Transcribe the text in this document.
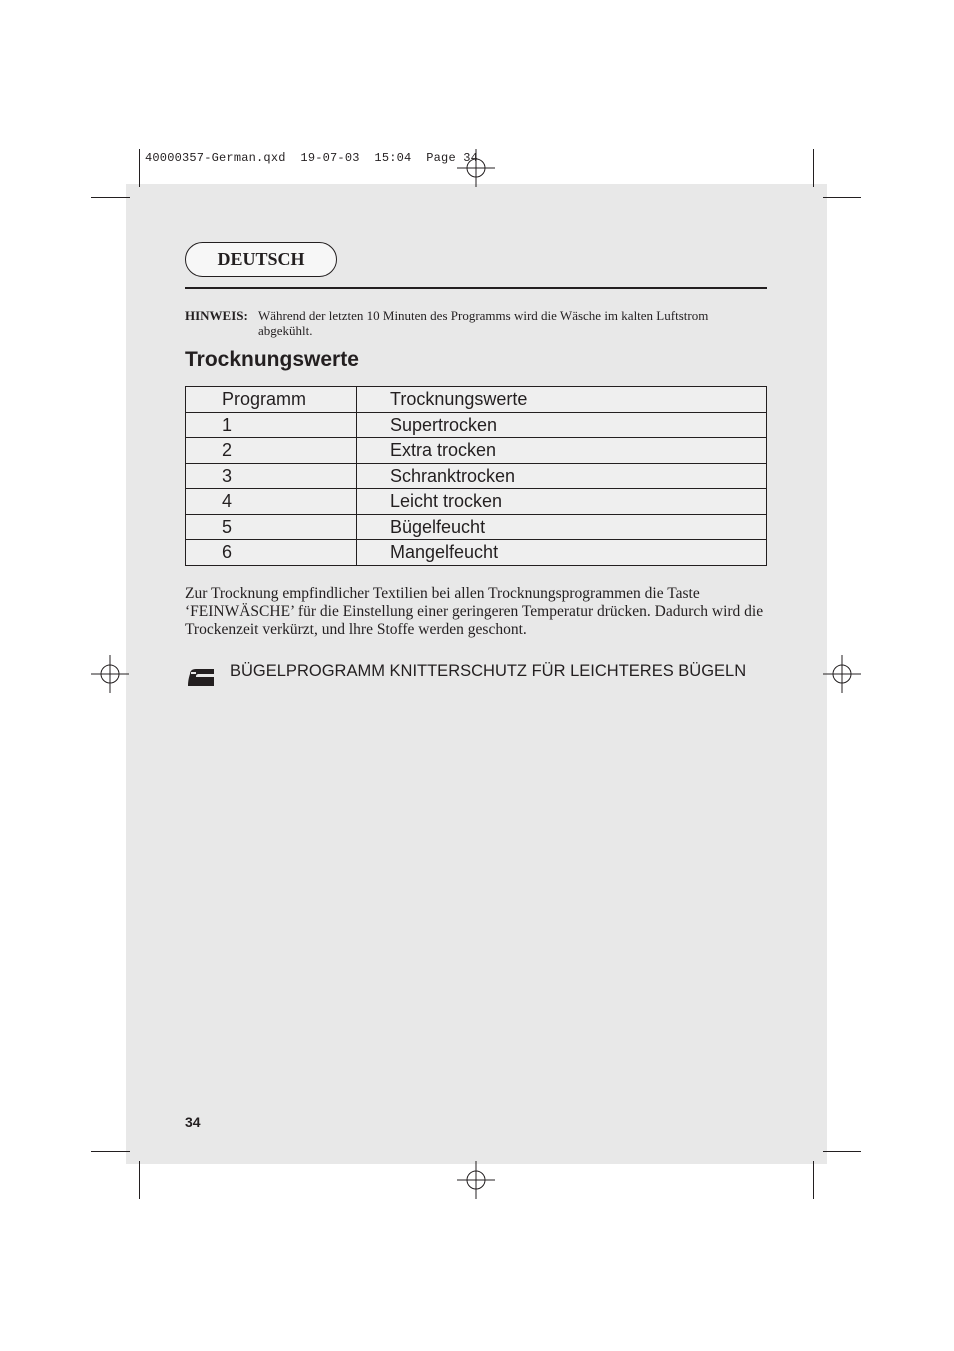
40000357-German.qxd  19-07-03  15:04  Page 34
DEUTSCH
HINWEIS: Während der letzten 10 Minuten des Programms wird die Wäsche im kalten Luftstrom abgekühlt.
Trocknungswerte
Programm	Trocknungswerte
1	Supertrocken
2	Extra trocken
3	Schranktrocken
4	Leicht trocken
5	Bügelfeucht
6	Mangelfeucht
Zur Trocknung empfindlicher Textilien bei allen Trocknungsprogrammen die Taste ‘FEINWÄSCHE’ für die Einstellung einer geringeren Temperatur drücken. Dadurch wird die Trockenzeit verkürzt, und lhre Stoffe werden geschont.
BÜGELPROGRAMM KNITTERSCHUTZ FÜR LEICHTERES BÜGELN
34
